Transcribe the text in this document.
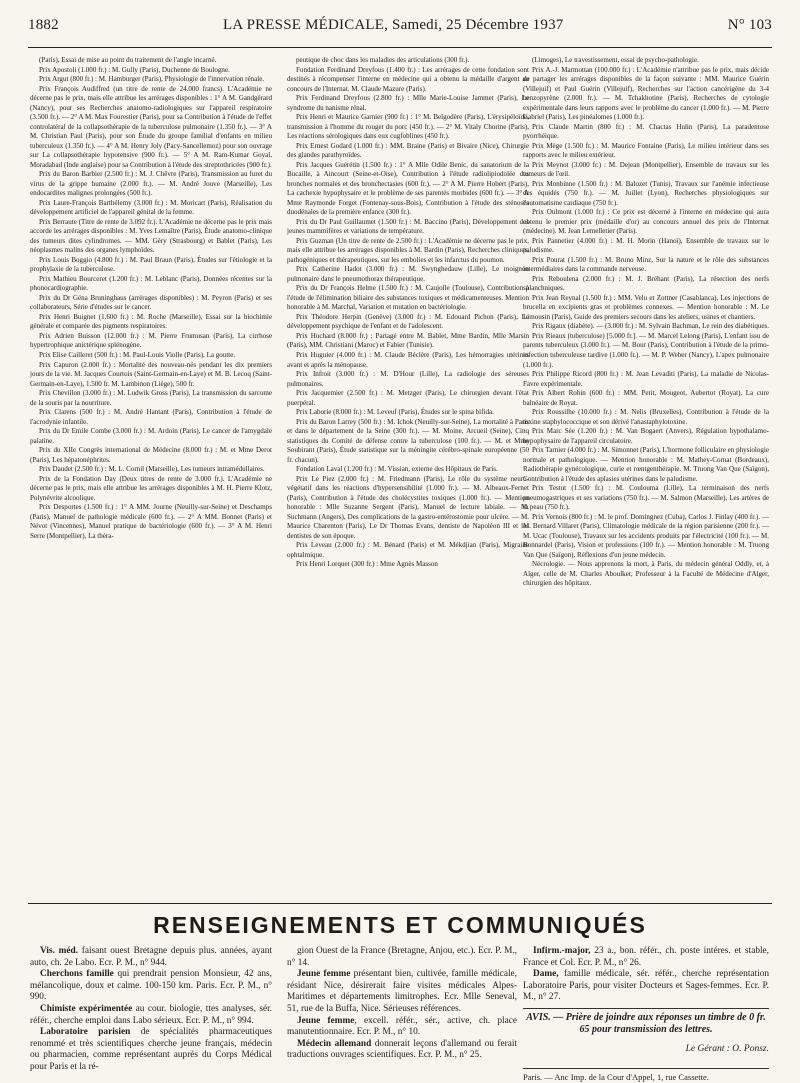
1882	LA PRESSE MÉDICALE, Samedi, 25 Décembre 1937	N° 103

(Paris), Essai de mise au point du traitement de l'angle incarné.

Prix Apostoli (1.000 fr.) : M. Gully (Paris), Duchenne de Boulogne.

Prix Argut (800 fr.) : M. Hamburger (Paris), Physiologie de l'innervation rénale.

Prix François Audiffred (un titre de rente de 24.000 francs). L'Académie ne décerne pas le prix, mais elle attribue les arrérages disponibles : 1° A M. Gandgérard (Nancy), pour ses Recherches anatomo-radiologiques sur l'appareil respiratoire (3.500 fr.). — 2° A M. Max Fourestier (Paris), pour sa Contribution à l'étude de l'effet controlatéral de la collapsothérapie de la tuberculose pulmonaire (1.350 fr.). — 3° A M. Christian Paul (Paris), pour son Étude du groupe familial d'enfants en milieu tuberculeux (1.350 fr.). — 4° A M. Henry Joly (Pacy-Sancellemoz) pour son ouvrage sur La collapsothérapie hypotensive (900 fr.). — 5° A M. Ram-Kumar Goyal, Moradabad (Inde anglaise) pour sa Contribution à l'étude des streptothricées (900 fr.).

Prix du Baron Barbier (2.500 fr.) : M. J. Chêvre (Paris), Transmission au furet du virus de la grippe humaine (2.000 fr.). — M. André Jouve (Marseille), Les endocardites malignes prolongées (500 fr.).

Prix Laure-François Barthélemy (3.000 fr.) : M. Moricart (Paris), Réalisation du développement artificiel de l'appareil génital de la femme.

Prix Berraute (Titre de rente de 3.092 fr.). L'Académie ne décerne pas le prix mais accorde les arrérages disponibles : M. Yves Lemaître (Paris), Étude anatomo-clinique des tumeurs dites cylindromes. — MM. Géry (Strasbourg) et Bablet (Paris), Les néoplasmes malins des organes lymphoïdes.

Prix Louis Boggio (4.800 fr.) : M. Paul Braun (Paris), Études sur l'étiologie et la prophylaxie de la tuberculose.

Prix Mathieu Bourceret (1.200 fr.) : M. Leblanc (Paris), Données récentes sur la phonocardiographie.

Prix du Dr Géna Bruninghaus (arrérages disponibles) : M. Peyron (Paris) et ses collaborateurs, Série d'études sur le cancer.

Prix Henri Buignet (1.600 fr.) : M. Roche (Marseille), Essai sur la biochimie générale et comparée des pigments respiratoires.

Prix Adrien Buisson (12.000 fr.) : M. Pierre Frumusan (Paris), La cirrhose hypertrophique anictérique splénogène.

Prix Elise Cailleret (500 fr.) : M. Paul-Louis Violle (Paris), La goutte.

Prix Capuron (2.000 fr.) : Mortalité des nouveau-nés pendant les dix premiers jours de la vie. M. Jacques Courtois (Saint-Germain-en-Laye) et M. B. Lecoq (Saint-Germain-en-Laye), 1.500 fr. M. Lambinon (Liège), 500 fr.

Prix Chevillon (3.000 fr.) : M. Ludwik Gross (Paris), La transmission du sarcome de la souris par la nourriture.

Prix Clarens (500 fr.) : M. André Hantant (Paris), Contribution à l'étude de l'acrodynie infantile.

Prix du Dr Emile Combe (3.000 fr.) : M. Ardoin (Paris), Le cancer de l'amygdale palatine.

Prix du XIIe Congrès international de Médecine (8.000 fr.) : M. et Mme Derot (Paris), Les hépatonéphrites.

Prix Daudet (2.500 fr.) : M. L. Cornil (Marseille), Les tumeurs intramédullaires.

Prix de la Fondation Day (Deux titres de rente de 3.000 fr.). L'Académie ne décerne pas le prix, mais elle attribue les arrérages disponibles à M. H. Pierre Klotz, Polynévrite alcoolique.

Prix Desportes (1.500 fr.) : 1° A MM. Journe (Neuilly-sur-Seine) et Deschamps (Paris), Manuel de pathologie médicale (600 fr.). — 2° A MM. Bonnet (Paris) et Névot (Vincennes), Manuel pratique de bactériologie (600 fr.). — 3° A M. Henri Serre (Montpellier), La théra-

peutique de choc dans les maladies des articulations (300 fr.).

Fondation Ferdinand Dreyfous (1.400 fr.) : Les arrérages de cette fondation sont destinés à récompenser l'interne en médecine qui a obtenu la médaille d'argent au concours de l'Internat. M. Claude Mazure (Paris).

Prix Ferdinand Dreyfous (2.800 fr.) : Mlle Marie-Louise Jammet (Paris), Le syndrome du nanisme rénal.

Prix Henri et Maurice Garnier (900 fr.) : 1° M. Belgodère (Paris), L'érysipéloïde, transmission à l'homme du rouget du porc (450 fr.). — 2° M. Vitaly Chorine (Paris), Les réactions sérologiques dans eux cugfoblines (450 fr.).

Prix Ernest Godard (1.000 fr.) : MM. Braine (Paris) et Bivaire (Nice), Chirurgie des glandes parathyroïdes.

Prix Jacques Guérétin (1.500 fr.) : 1° A Mlle Odile Benic, du sanatorium de la Bucaille, à Aincourt (Seine-et-Oise), Contribution à l'étude radiolipiodolée des bronches normales et des bronchectasies (600 fr.). — 2° A M. Pierre Hobert (Paris), La cachexie hypophysaire et le problème de ses parentés morbides (600 fr.). — 3° A Mme Raymonde Forget (Fontenay-sous-Bois), Contribution à l'étude des sténoses duodénales de la première enfance (300 fr.).

Prix du Dr Paul Guillaumet (1.500 fr.) : M. Baccino (Paris), Développement des jeunes mammifères et variations de température.

Prix Guzman (Un titre de rente de 2.500 fr.) : L'Académie ne décerne pas le prix, mais elle attribue les arrérages disponibles à M. Bardin (Paris), Recherches cliniques, pathogéniques et thérapeutiques, sur les embolies et les infarctus du poumon.

Prix Catherine Hadot (3.000 fr.) : M. Swynghedauw (Lille), Le moignon pulmonaire dans le pneumothorax thérapeutique.

Prix du Dr François Helme (1.500 fr.) : M. Caujolle (Toulouse), Contribution à l'étude de l'élimination biliaire des substances toxiques et médicamenteuses. Mention honorable à M. Marchal, Variation et mutation en bactériologie.

Prix Théodore Herpin (Genève) (3.000 fr.) : M. Edouard Pichon (Paris), Le développement psychique de l'enfant et de l'adolescent.

Prix Huchard (8.000 fr.) : Partagé entre M. Bablet, Mme Bardin, Mlle Marsin (Paris), MM. Christiani (Maroc) et Fabier (Tunisie).

Prix Huguier (4.000 fr.) : M. Claude Béclère (Paris), Les hémorragies utérines avant et après la ménopause.

Prix Infroit (3.000 fr.) : M. D'Hour (Lille), La radiologie des séreuses pulmonaires.

Prix Jacquemier (2.500 fr.) : M. Metzger (Paris), Le chirurgien devant l'état puerpéral.

Prix Laborie (8.000 fr.) : M. Leveuf (Paris), Études sur le spina bifida.

Prix du Baron Larrey (500 fr.) : M. Ichok (Neuilly-sur-Seine), La mortalité à Paris et dans le département de la Seine (300 fr.). — M. Moine, Arcueil (Seine), Cinq statistiques du Comité de défense contre la tuberculose (100 fr.). — M. et Mme Soubirant (Paris), Étude statistique sur la méningite cérébro-spinale européenne (50 fr. chacun).

Fondation Laval (1.200 fr.) : M. Vissian, externe des Hôpitaux de Paris.

Prix Le Piez (2.000 fr.) : M. Friedmann (Paris), Le rôle du système neuro-végétatif dans les réactions d'hypersensibilité (1.000 fr.). — M. Albeaux-Fernet (Paris), Contribution à l'étude des cholécystites toxiques (1.000 fr.). — Mention honorable : Mlle Suzanne Sergent (Paris), Manuel de lecture labiale. — M. Suchmann (Angers), Des complications de la gastro-entérostomie pour ulcère. — M. Maurice Charenton (Paris), Le Dr Thomas Evans, dentiste de Napoléon III et les dentistes de son époque.

Prix Leveau (2.000 fr.) : M. Bénard (Paris) et M. Mékdjian (Paris), Migraine ophtalmique.

Prix Henri Lorquet (300 fr.) : Mme Agnès Masson

(Limoges), Le travestissement, essai de psycho-pathologie.

Prix A.-J. Marmottan (100.000 fr.) : L'Académie n'attribue pas le prix, mais décide de partager les arrérages disponibles de la façon suivante : MM. Maurice Guérin (Villejuif) et Paul Guérin (Villejuif), Recherches sur l'action cancérigène du 3-4 benzopyrène (2.000 fr.). — M. Tchakhotine (Paris), Recherches de cytologie expérimentale dans leurs rapports avec le problème du cancer (1.000 fr.). — M. Pierre Gabriel (Paris), Les pinéalomes (1.000 fr.).

Prix Claude Martin (800 fr.) : M. Chactas Hulin (Paris), La paradentose pyorrhéique.

Prix Mège (1.500 fr.) : M. Maurice Fontaine (Paris), Le milieu intérieur dans ses rapports avec le milieu extérieur.

Prix Meynot (3.000 fr.) : M. Dejean (Montpellier), Ensemble de travaux sur les tumeurs de l'œil.

Prix Monbinne (1.500 fr.) : M. Balozet (Tunis), Travaux sur l'anémie infectieuse des équidés (750 fr.). — M. Juillet (Lyon), Recherches physiologiques sur l'automatisme cardiaque (750 fr.).

Prix Oulmont (1.000 fr.) : Ce prix est décerné à l'interne en médecine qui aura obtenu le premier prix (médaille d'or) au concours annuel des prix de l'Internat (médecine). M. Jean Lemelletier (Paris).

Prix Pannetier (4.000 fr.) : M. H. Morin (Hanoï), Ensemble de travaux sur le paludisme.

Prix Pourat (1.500 fr.) : M. Bruno Minz, Sur la nature et le rôle des substances intermédiaires dans la commande nerveuse.

Prix Reboulena (2.000 fr.) : M. J. Bréhant (Paris), La résection des nerfs splanchniques.

Prix Jean Reynal (1.500 fr.) : MM. Velu et Zottner (Casablanca), Les injections de brucella en excipients gras et problèmes connexes. — Mention honorable : M. Le Limousin (Paris), Guide des premiers secours dans les ateliers, usines et chantiers.

Prix Rigaux (diabète). — (3.000 fr.) : M. Sylvain Bachman, Le rein des diabétiques.

Prix Rieaux (tuberculose) [5.000 fr.]. — M. Marcel Lelong (Paris), L'enfant issu de parents tuberculeux (3.000 fr.). — M. Bour (Paris), Contribution à l'étude de la primo-infection tuberculeuse tardive (1.000 fr.). — M. P. Weber (Nancy), L'apex pulmonaire (1.000 fr.).

Prix Philippe Ricord (800 fr.) : M. Jean Levaditi (Paris), La maladie de Nicolas-Favre expérimentale.

Prix Albert Robin (600 fr.) : MM. Petit, Mougeot, Aubertot (Royat), La cure balnéaire de Royat.

Prix Roussilhe (10.000 fr.) : M. Nelis (Bruxelles), Contribution à l'étude de la toxine staphylococcique et son dérivé l'anastaphylotoxine.

Prix Marc Sée (1.200 fr.) : M. Van Bogaert (Anvers), Régulation hypothalamo-hypophysaire de l'appareil circulatoire.

Prix Tarnier (4.000 fr.) : M. Simonnet (Paris), L'hormone folliculaire en physiologie normale et pathologique. — Mention honorable : M. Mathey-Cornat (Bordeaux), Radiothérapie gynécologique, curie et rœntgenthérapie. M. Truong Van Que (Saïgon), Contribution à l'étude des aplasies utérines dans le paludisme.

Prix Testut (1.500 fr.) : M. Coulouma (Lille), La terminaison des nerfs pneumogastriques et ses variations (750 fr.). — M. Salmon (Marseille), Les artères de la peau (750 fr.).

Prix Vernois (800 fr.) : M. le prof. Domingnez (Cuba), Carlos J. Finlay (400 fr.). — M. Bernard Villaret (Paris), Climatologie médicale de la région parisienne (200 fr.). — M. Ucac (Toulouse), Travaux sur les accidents produits par l'électricité (100 fr.). — M. Bonnardel (Paris), Vision et professions (100 fr.). — Mention honorable : M. Truong Van Que (Saïgon), Réflexions d'un jeune médecin.

Nécrologie. — Nous apprenons la mort, à Paris, du médecin général Oddly, et, à Alger, celle de M. Charles Aboulker, Professeur à la Faculté de Médecine d'Alger, chirurgien des hôpitaux.

RENSEIGNEMENTS ET COMMUNIQUÉS

Vis. méd. faisant ouest Bretagne depuis plus. années, ayant auto, ch. 2e Labo. Ecr. P. M., n° 944.

Cherchons famille qui prendrait pension Monsieur, 42 ans, mélancolique, doux et calme. 100-150 km. Paris. Ecr. P. M., n° 990.

Chimiste expérimentée au cour. biologie, ttes analyses, sér. référ., cherche emploi dans Labo sérieux. Ecr. P. M., n° 994.

Laboratoire parisien de spécialités pharmaceutiques renommé et très scientifiques cherche jeune français, médecin ou pharmacien, comme représentant auprès du Corps Médical pour Paris et la ré-

gion Ouest de la France (Bretagne, Anjou, etc.). Ecr. P. M., n° 14.

Jeune femme présentant bien, cultivée, famille médicale, résidant Nice, désirerait faire visites médicales Alpes-Maritimes et départements limitrophes. Ecr. Mlle Seneval, 51, rue de la Buffa, Nice. Sérieuses références.

Jeune femme, excell. référ., sér., active, ch. place manutentionnaire. Ecr. P. M., n° 10.

Médecin allemand donnerait leçons d'allemand ou ferait traductions ouvrages scientifiques. Ecr. P. M., n° 25.

Infirm.-major, 23 a., bon. référ., ch. poste intéres. et stable, France et Col. Ecr. P. M., n° 26.

Dame, famille médicale, sér. référ., cherche représentation Laboratoire Paris, pour visiter Docteurs et Sages-femmes. Ecr. P. M., n° 27.

AVIS. — Prière de joindre aux réponses un timbre de 0 fr. 65 pour transmission des lettres.
Le Gérant : O. Ponsz.
Paris. — Anc Imp. de la Cour d'Appel, 1, rue Cassette.
